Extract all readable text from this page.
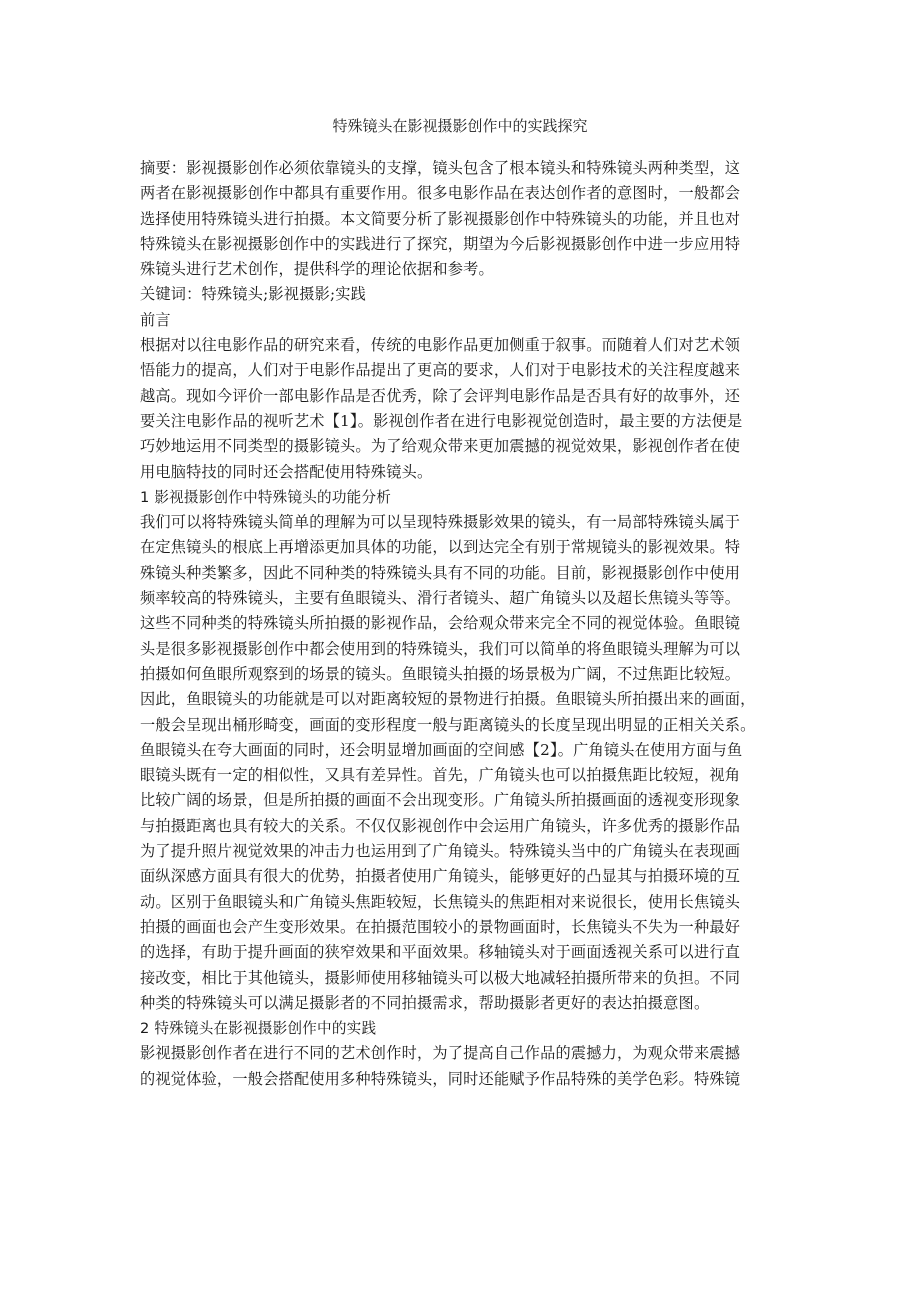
特殊镜头在影视摄影创作中的实践探究
摘要：影视摄影创作必须依靠镜头的支撑，镜头包含了根本镜头和特殊镜头两种类型，这
两者在影视摄影创作中都具有重要作用。很多电影作品在表达创作者的意图时，一般都会
选择使用特殊镜头进行拍摄。本文简要分析了影视摄影创作中特殊镜头的功能，并且也对
特殊镜头在影视摄影创作中的实践进行了探究，期望为今后影视摄影创作中进一步应用特
殊镜头进行艺术创作，提供科学的理论依据和参考。
关键词：特殊镜头;影视摄影;实践
前言
根据对以往电影作品的研究来看，传统的电影作品更加侧重于叙事。而随着人们对艺术领
悟能力的提高，人们对于电影作品提出了更高的要求，人们对于电影技术的关注程度越来
越高。现如今评价一部电影作品是否优秀，除了会评判电影作品是否具有好的故事外，还
要关注电影作品的视听艺术【1】。影视创作者在进行电影视觉创造时，最主要的方法便是
巧妙地运用不同类型的摄影镜头。为了给观众带来更加震撼的视觉效果，影视创作者在使
用电脑特技的同时还会搭配使用特殊镜头。
1 影视摄影创作中特殊镜头的功能分析
我们可以将特殊镜头简单的理解为可以呈现特殊摄影效果的镜头，有一局部特殊镜头属于
在定焦镜头的根底上再增添更加具体的功能，以到达完全有别于常规镜头的影视效果。特
殊镜头种类繁多，因此不同种类的特殊镜头具有不同的功能。目前，影视摄影创作中使用
频率较高的特殊镜头，主要有鱼眼镜头、滑行者镜头、超广角镜头以及超长焦镜头等等。
这些不同种类的特殊镜头所拍摄的影视作品，会给观众带来完全不同的视觉体验。鱼眼镜
头是很多影视摄影创作中都会使用到的特殊镜头，我们可以简单的将鱼眼镜头理解为可以
拍摄如何鱼眼所观察到的场景的镜头。鱼眼镜头拍摄的场景极为广阔，不过焦距比较短。
因此，鱼眼镜头的功能就是可以对距离较短的景物进行拍摄。鱼眼镜头所拍摄出来的画面，
一般会呈现出桶形畸变，画面的变形程度一般与距离镜头的长度呈现出明显的正相关关系。
鱼眼镜头在夸大画面的同时，还会明显增加画面的空间感【2】。广角镜头在使用方面与鱼
眼镜头既有一定的相似性，又具有差异性。首先，广角镜头也可以拍摄焦距比较短，视角
比较广阔的场景，但是所拍摄的画面不会出现变形。广角镜头所拍摄画面的透视变形现象
与拍摄距离也具有较大的关系。不仅仅影视创作中会运用广角镜头，许多优秀的摄影作品
为了提升照片视觉效果的冲击力也运用到了广角镜头。特殊镜头当中的广角镜头在表现画
面纵深感方面具有很大的优势，拍摄者使用广角镜头，能够更好的凸显其与拍摄环境的互
动。区别于鱼眼镜头和广角镜头焦距较短，长焦镜头的焦距相对来说很长，使用长焦镜头
拍摄的画面也会产生变形效果。在拍摄范围较小的景物画面时，长焦镜头不失为一种最好
的选择，有助于提升画面的狭窄效果和平面效果。移轴镜头对于画面透视关系可以进行直
接改变，相比于其他镜头，摄影师使用移轴镜头可以极大地减轻拍摄所带来的负担。不同
种类的特殊镜头可以满足摄影者的不同拍摄需求，帮助摄影者更好的表达拍摄意图。
2 特殊镜头在影视摄影创作中的实践
影视摄影创作者在进行不同的艺术创作时，为了提高自己作品的震撼力，为观众带来震撼
的视觉体验，一般会搭配使用多种特殊镜头，同时还能赋予作品特殊的美学色彩。特殊镜
